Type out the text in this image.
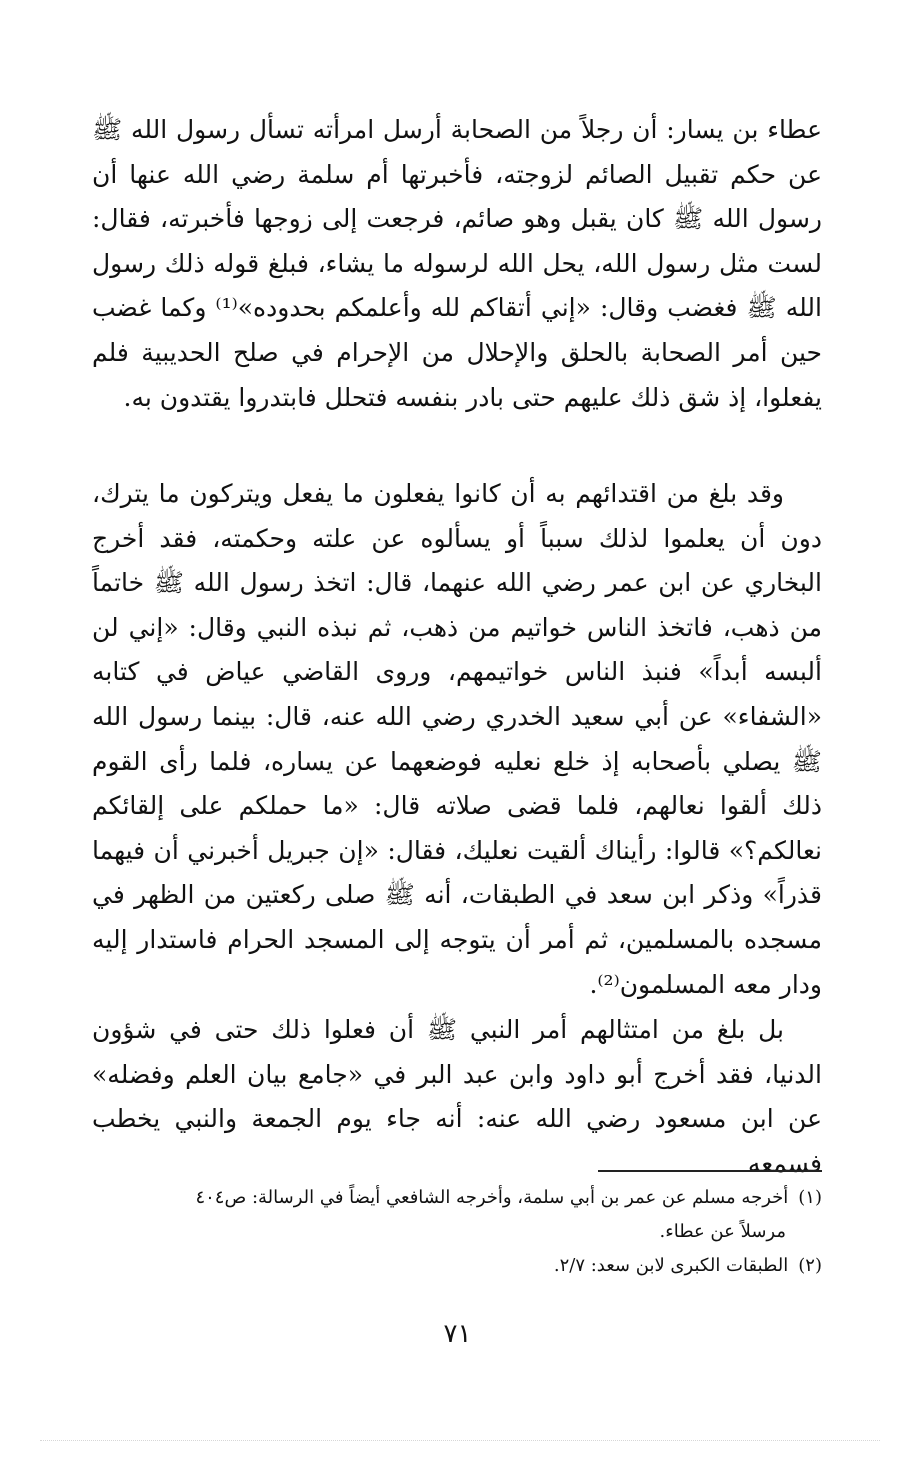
عطاء بن يسار: أن رجلاً من الصحابة أرسل امرأته تسأل رسول الله ﷺ عن حكم تقبيل الصائم لزوجته، فأخبرتها أم سلمة رضي الله عنها أن رسول الله ﷺ كان يقبل وهو صائم، فرجعت إلى زوجها فأخبرته، فقال: لست مثل رسول الله، يحل الله لرسوله ما يشاء، فبلغ قوله ذلك رسول الله ﷺ فغضب وقال: «إني أتقاكم لله وأعلمكم بحدوده»⁽¹⁾ وكما غضب حين أمر الصحابة بالحلق والإحلال من الإحرام في صلح الحديبية فلم يفعلوا، إذ شق ذلك عليهم حتى بادر بنفسه فتحلل فابتدروا يقتدون به.

وقد بلغ من اقتدائهم به أن كانوا يفعلون ما يفعل ويتركون ما يترك، دون أن يعلموا لذلك سبباً أو يسألوه عن علته وحكمته، فقد أخرج البخاري عن ابن عمر رضي الله عنهما، قال: اتخذ رسول الله ﷺ خاتماً من ذهب، فاتخذ الناس خواتيم من ذهب، ثم نبذه النبي وقال: «إني لن ألبسه أبداً» فنبذ الناس خواتيمهم، وروى القاضي عياض في كتابه «الشفاء» عن أبي سعيد الخدري رضي الله عنه، قال: بينما رسول الله ﷺ يصلي بأصحابه إذ خلع نعليه فوضعهما عن يساره، فلما رأى القوم ذلك ألقوا نعالهم، فلما قضى صلاته قال: «ما حملكم على إلقائكم نعالكم؟» قالوا: رأيناك ألقيت نعليك، فقال: «إن جبريل أخبرني أن فيهما قذراً» وذكر ابن سعد في الطبقات، أنه ﷺ صلى ركعتين من الظهر في مسجده بالمسلمين، ثم أمر أن يتوجه إلى المسجد الحرام فاستدار إليه ودار معه المسلمون⁽²⁾.

بل بلغ من امتثالهم أمر النبي ﷺ أن فعلوا ذلك حتى في شؤون الدنيا، فقد أخرج أبو داود وابن عبد البر في «جامع بيان العلم وفضله» عن ابن مسعود رضي الله عنه: أنه جاء يوم الجمعة والنبي يخطب فسمعه

(١)أخرجه مسلم عن عمر بن أبي سلمة، وأخرجه الشافعي أيضاً في الرسالة: ص٤٠٤

مرسلاً عن عطاء.

(٢)الطبقات الكبرى لابن سعد: ٢/٧.

٧١
